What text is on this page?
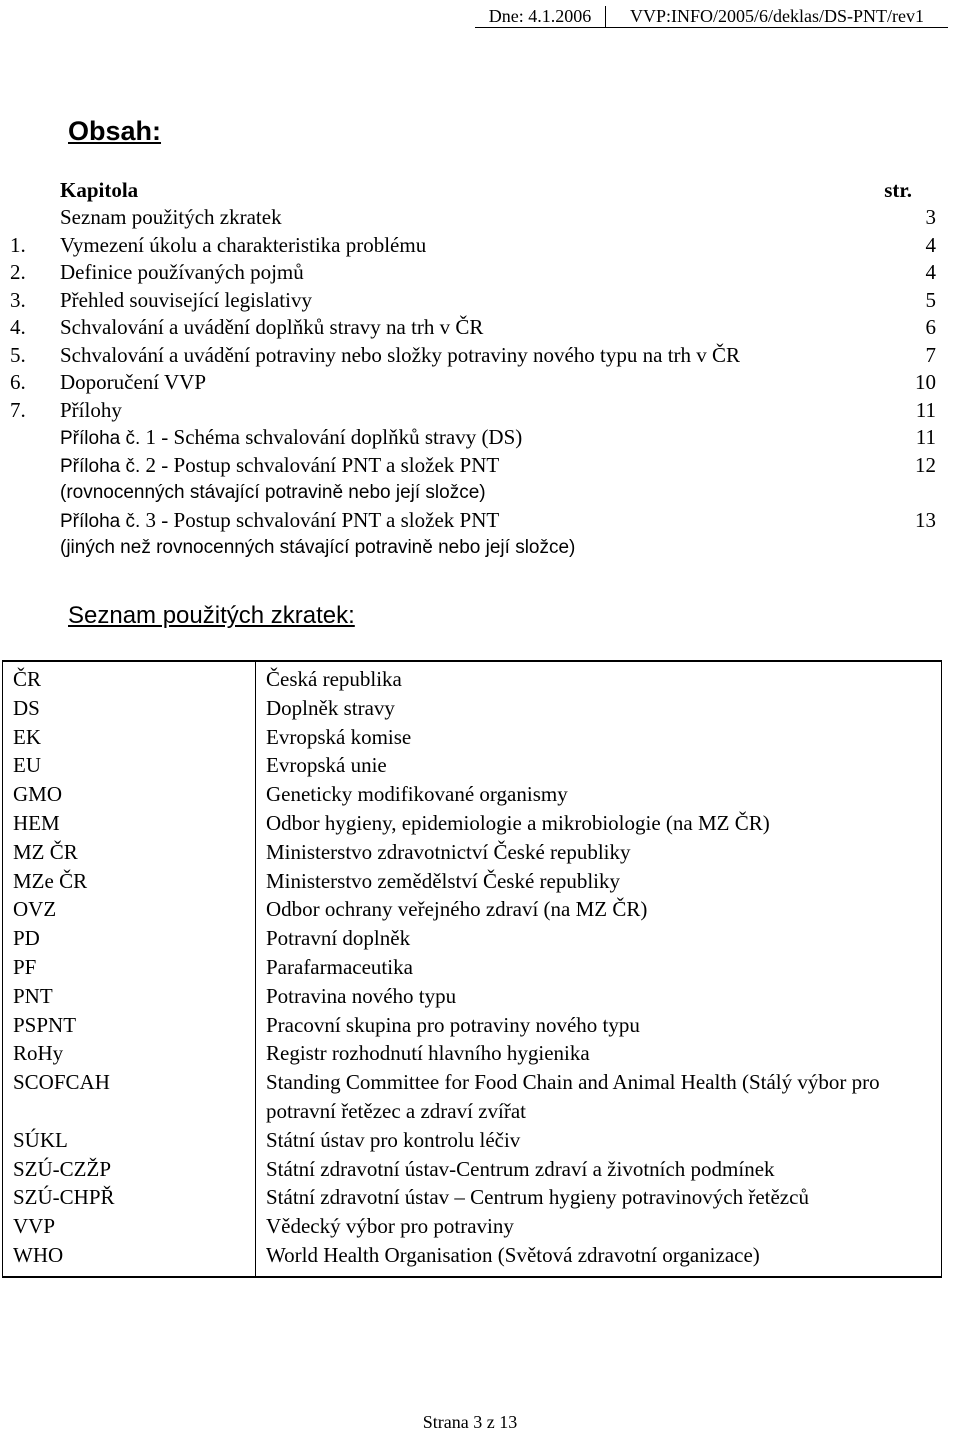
Dne: 4.1.2006	VVP:INFO/2005/6/deklas/DS-PNT/rev1
Obsah:
Kapitola	str.
Seznam použitých zkratek	3
1.	Vymezení úkolu a charakteristika problému	4
2.	Definice používaných pojmů	4
3.	Přehled související legislativy	5
4.	Schvalování a uvádění doplňků stravy na trh v ČR	6
5.	Schvalování a uvádění potraviny nebo složky potraviny nového typu na trh v ČR	7
6.	Doporučení VVP	10
7.	Přílohy	11
Příloha č. 1 - Schéma schvalování doplňků stravy (DS)	11
Příloha č. 2 - Postup schvalování PNT a složek PNT	12
(rovnocenných stávající potravině nebo její složce)
Příloha č. 3 - Postup schvalování PNT a složek PNT	13
(jiných než rovnocenných stávající potravině nebo její složce)
Seznam použitých zkratek:
ČR	Česká republika
DS	Doplněk stravy
EK	Evropská komise
EU	Evropská unie
GMO	Geneticky modifikované organismy
HEM	Odbor hygieny, epidemiologie a mikrobiologie (na MZ ČR)
MZ ČR	Ministerstvo zdravotnictví České republiky
MZe ČR	Ministerstvo zemědělství České republiky
OVZ	Odbor ochrany veřejného zdraví (na MZ ČR)
PD	Potravní doplněk
PF	Parafarmaceutika
PNT	Potravina nového typu
PSPNT	Pracovní skupina pro potraviny nového typu
RoHy	Registr rozhodnutí hlavního hygienika
SCOFCAH	Standing Committee for Food Chain and Animal Health (Stálý výbor pro potravní řetězec a zdraví zvířat
SÚKL	Státní ústav pro kontrolu léčiv
SZÚ-CZŽP	Státní zdravotní ústav-Centrum zdraví a životních podmínek
SZÚ-CHPŘ	Státní zdravotní ústav – Centrum hygieny potravinových řetězců
VVP	Vědecký výbor pro potraviny
WHO	World Health Organisation (Světová zdravotní organizace)
Strana 3 z 13
